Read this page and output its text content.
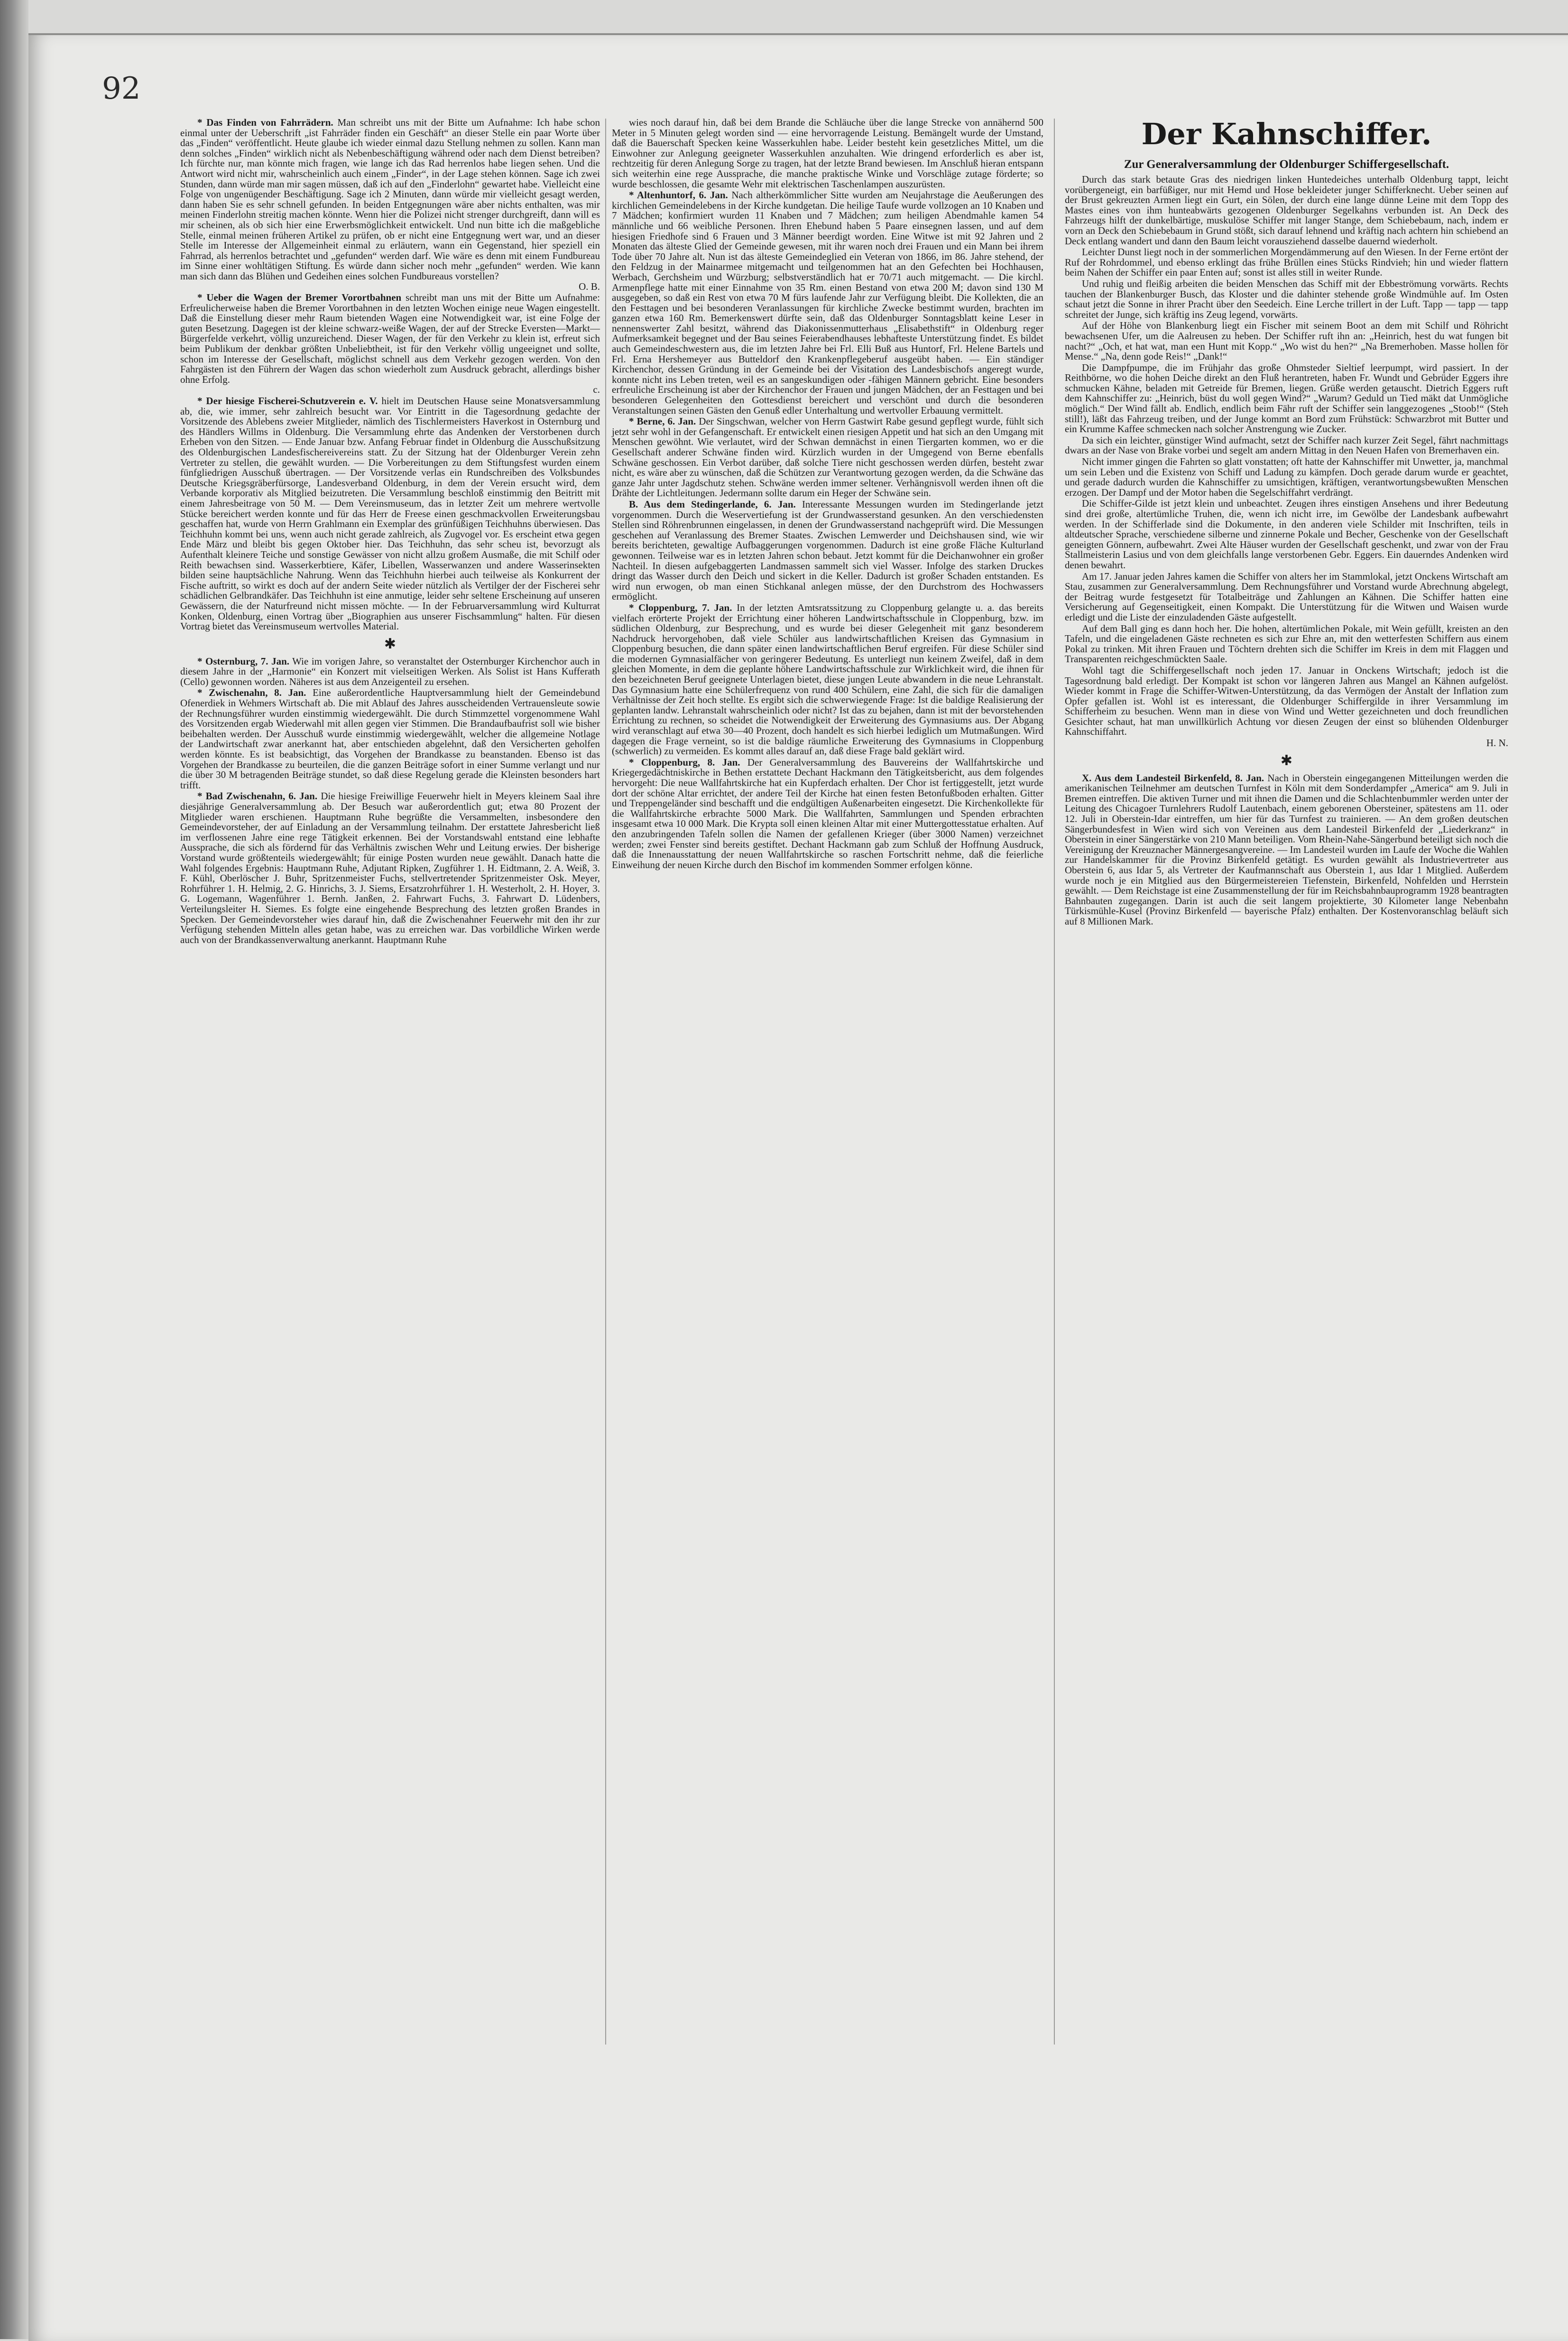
92

* Das Finden von Fahrrädern. Man schreibt uns mit der Bitte um Aufnahme: Ich habe schon einmal unter der Ueberschrift „ist Fahrräder finden ein Geschäft“ an dieser Stelle ein paar Worte über das „Finden“ veröffentlicht. Heute glaube ich wieder einmal dazu Stellung nehmen zu sollen. Kann man denn solches „Finden“ wirklich nicht als Nebenbeschäftigung während oder nach dem Dienst betreiben? Ich fürchte nur, man könnte mich fragen, wie lange ich das Rad herrenlos habe liegen sehen. Und die Antwort wird nicht mir, wahrscheinlich auch einem „Finder“, in der Lage stehen können. Sage ich zwei Stunden, dann würde man mir sagen müssen, daß ich auf den „Finderlohn“ gewartet habe. Vielleicht eine Folge von ungenügender Beschäftigung. Sage ich 2 Minuten, dann würde mir vielleicht gesagt werden, dann haben Sie es sehr schnell gefunden. In beiden Entgegnungen wäre aber nichts enthalten, was mir meinen Finderlohn streitig machen könnte. Wenn hier die Polizei nicht strenger durchgreift, dann will es mir scheinen, als ob sich hier eine Erwerbsmöglichkeit entwickelt. Und nun bitte ich die maßgebliche Stelle, einmal meinen früheren Artikel zu prüfen, ob er nicht eine Entgegnung wert war, und an dieser Stelle im Interesse der Allgemeinheit einmal zu erläutern, wann ein Gegenstand, hier speziell ein Fahrrad, als herrenlos betrachtet und „gefunden“ werden darf. Wie wäre es denn mit einem Fundbureau im Sinne einer wohltätigen Stiftung. Es würde dann sicher noch mehr „gefunden“ werden. Wie kann man sich dann das Blühen und Gedeihen eines solchen Fundbureaus vorstellen?
O. B.

* Ueber die Wagen der Bremer Vorortbahnen schreibt man uns mit der Bitte um Aufnahme: Erfreulicherweise haben die Bremer Vorortbahnen in den letzten Wochen einige neue Wagen eingestellt. Daß die Einstellung dieser mehr Raum bietenden Wagen eine Notwendigkeit war, ist eine Folge der guten Besetzung. Dagegen ist der kleine schwarz-weiße Wagen, der auf der Strecke Eversten—Markt—Bürgerfelde verkehrt, völlig unzureichend. Dieser Wagen, der für den Verkehr zu klein ist, erfreut sich beim Publikum der denkbar größten Unbeliebtheit, ist für den Verkehr völlig ungeeignet und sollte, schon im Interesse der Gesellschaft, möglichst schnell aus dem Verkehr gezogen werden. Von den Fahrgästen ist den Führern der Wagen das schon wiederholt zum Ausdruck gebracht, allerdings bisher ohne Erfolg.
c.

* Der hiesige Fischerei-Schutzverein e. V. hielt im Deutschen Hause seine Monatsversammlung ab, die, wie immer, sehr zahlreich besucht war. Vor Eintritt in die Tagesordnung gedachte der Vorsitzende des Ablebens zweier Mitglieder, nämlich des Tischlermeisters Haverkost in Osternburg und des Händlers Willms in Oldenburg. Die Versammlung ehrte das Andenken der Verstorbenen durch Erheben von den Sitzen. — Ende Januar bzw. Anfang Februar findet in Oldenburg die Ausschußsitzung des Oldenburgischen Landesfischereivereins statt. Zu der Sitzung hat der Oldenburger Verein zehn Vertreter zu stellen, die gewählt wurden. — Die Vorbereitungen zu dem Stiftungsfest wurden einem fünfgliedrigen Ausschuß übertragen. — Der Vorsitzende verlas ein Rundschreiben des Volksbundes Deutsche Kriegsgräberfürsorge, Landesverband Oldenburg, in dem der Verein ersucht wird, dem Verbande korporativ als Mitglied beizutreten. Die Versammlung beschloß einstimmig den Beitritt mit einem Jahresbeitrage von 50 M. — Dem Vereinsmuseum, das in letzter Zeit um mehrere wertvolle Stücke bereichert werden konnte und für das Herr de Freese einen geschmackvollen Erweiterungsbau geschaffen hat, wurde von Herrn Grahlmann ein Exemplar des grünfüßigen Teichhuhns überwiesen. Das Teichhuhn kommt bei uns, wenn auch nicht gerade zahlreich, als Zugvogel vor. Es erscheint etwa gegen Ende März und bleibt bis gegen Oktober hier. Das Teichhuhn, das sehr scheu ist, bevorzugt als Aufenthalt kleinere Teiche und sonstige Gewässer von nicht allzu großem Ausmaße, die mit Schilf oder Reith bewachsen sind. Wasserkerbtiere, Käfer, Libellen, Wasserwanzen und andere Wasserinsekten bilden seine hauptsächliche Nahrung. Wenn das Teichhuhn hierbei auch teilweise als Konkurrent der Fische auftritt, so wirkt es doch auf der andern Seite wieder nützlich als Vertilger der der Fischerei sehr schädlichen Gelbrandkäfer. Das Teichhuhn ist eine anmutige, leider sehr seltene Erscheinung auf unseren Gewässern, die der Naturfreund nicht missen möchte. — In der Februarversammlung wird Kulturrat Konken, Oldenburg, einen Vortrag über „Biographien aus unserer Fischsammlung“ halten. Für diesen Vortrag bietet das Vereinsmuseum wertvolles Material.

✱

* Osternburg, 7. Jan. Wie im vorigen Jahre, so veranstaltet der Osternburger Kirchenchor auch in diesem Jahre in der „Harmonie“ ein Konzert mit vielseitigen Werken. Als Solist ist Hans Kufferath (Cello) gewonnen worden. Näheres ist aus dem Anzeigenteil zu ersehen.

* Zwischenahn, 8. Jan. Eine außerordentliche Hauptversammlung hielt der Gemeindebund Ofenerdiek in Wehmers Wirtschaft ab. Die mit Ablauf des Jahres ausscheidenden Vertrauensleute sowie der Rechnungsführer wurden einstimmig wiedergewählt. Die durch Stimmzettel vorgenommene Wahl des Vorsitzenden ergab Wiederwahl mit allen gegen vier Stimmen. Die Brandaufbaufrist soll wie bisher beibehalten werden. Der Ausschuß wurde einstimmig wiedergewählt, welcher die allgemeine Notlage der Landwirtschaft zwar anerkannt hat, aber entschieden abgelehnt, daß den Versicherten geholfen werden könnte. Es ist beabsichtigt, das Vorgehen der Brandkasse zu beanstanden. Ebenso ist das Vorgehen der Brandkasse zu beurteilen, die die ganzen Beiträge sofort in einer Summe verlangt und nur die über 30 M betragenden Beiträge stundet, so daß diese Regelung gerade die Kleinsten besonders hart trifft.

* Bad Zwischenahn, 6. Jan. Die hiesige Freiwillige Feuerwehr hielt in Meyers kleinem Saal ihre diesjährige Generalversammlung ab. Der Besuch war außerordentlich gut; etwa 80 Prozent der Mitglieder waren erschienen. Hauptmann Ruhe begrüßte die Versammelten, insbesondere den Gemeindevorsteher, der auf Einladung an der Versammlung teilnahm. Der erstattete Jahresbericht ließ im verflossenen Jahre eine rege Tätigkeit erkennen. Bei der Vorstandswahl entstand eine lebhafte Aussprache, die sich als fördernd für das Verhältnis zwischen Wehr und Leitung erwies. Der bisherige Vorstand wurde größtenteils wiedergewählt; für einige Posten wurden neue gewählt. Danach hatte die Wahl folgendes Ergebnis: Hauptmann Ruhe, Adjutant Ripken, Zugführer 1. H. Eidtmann, 2. A. Weiß, 3. F. Kühl, Oberlöscher J. Buhr, Spritzenmeister Fuchs, stellvertretender Spritzenmeister Osk. Meyer, Rohrführer 1. H. Helmig, 2. G. Hinrichs, 3. J. Siems, Ersatzrohrführer 1. H. Westerholt, 2. H. Hoyer, 3. G. Logemann, Wagenführer 1. Bernh. Janßen, 2. Fahrwart Fuchs, 3. Fahrwart D. Lüdenbers, Verteilungsleiter H. Siemes. Es folgte eine eingehende Besprechung des letzten großen Brandes in Specken. Der Gemeindevorsteher wies darauf hin, daß die Zwischenahner Feuerwehr mit den ihr zur Verfügung stehenden Mitteln alles getan habe, was zu erreichen war. Das vorbildliche Wirken werde auch von der Brandkassenverwaltung anerkannt. Hauptmann Ruhe

wies noch darauf hin, daß bei dem Brande die Schläuche über die lange Strecke von annähernd 500 Meter in 5 Minuten gelegt worden sind — eine hervorragende Leistung. Bemängelt wurde der Umstand, daß die Bauerschaft Specken keine Wasserkuhlen habe. Leider besteht kein gesetzliches Mittel, um die Einwohner zur Anlegung geeigneter Wasserkuhlen anzuhalten. Wie dringend erforderlich es aber ist, rechtzeitig für deren Anlegung Sorge zu tragen, hat der letzte Brand bewiesen. Im Anschluß hieran entspann sich weiterhin eine rege Aussprache, die manche praktische Winke und Vorschläge zutage förderte; so wurde beschlossen, die gesamte Wehr mit elektrischen Taschenlampen auszurüsten.

* Altenhuntorf, 6. Jan. Nach altherkömmlicher Sitte wurden am Neujahrstage die Aeußerungen des kirchlichen Gemeindelebens in der Kirche kundgetan. Die heilige Taufe wurde vollzogen an 10 Knaben und 7 Mädchen; konfirmiert wurden 11 Knaben und 7 Mädchen; zum heiligen Abendmahle kamen 54 männliche und 66 weibliche Personen. Ihren Ehebund haben 5 Paare einsegnen lassen, und auf dem hiesigen Friedhofe sind 6 Frauen und 3 Männer beerdigt worden. Eine Witwe ist mit 92 Jahren und 2 Monaten das älteste Glied der Gemeinde gewesen, mit ihr waren noch drei Frauen und ein Mann bei ihrem Tode über 70 Jahre alt. Nun ist das älteste Gemeindeglied ein Veteran von 1866, im 86. Jahre stehend, der den Feldzug in der Mainarmee mitgemacht und teilgenommen hat an den Gefechten bei Hochhausen, Werbach, Gerchsheim und Würzburg; selbstverständlich hat er 70/71 auch mitgemacht. — Die kirchl. Armenpflege hatte mit einer Einnahme von 35 Rm. einen Bestand von etwa 200 M; davon sind 130 M ausgegeben, so daß ein Rest von etwa 70 M fürs laufende Jahr zur Verfügung bleibt. Die Kollekten, die an den Festtagen und bei besonderen Veranlassungen für kirchliche Zwecke bestimmt wurden, brachten im ganzen etwa 160 Rm. Bemerkenswert dürfte sein, daß das Oldenburger Sonntagsblatt keine Leser in nennenswerter Zahl besitzt, während das Diakonissenmutterhaus „Elisabethstift“ in Oldenburg reger Aufmerksamkeit begegnet und der Bau seines Feierabendhauses lebhafteste Unterstützung findet. Es bildet auch Gemeindeschwestern aus, die im letzten Jahre bei Frl. Elli Buß aus Huntorf, Frl. Helene Bartels und Frl. Erna Hershemeyer aus Butteldorf den Krankenpflegeberuf ausgeübt haben. — Ein ständiger Kirchenchor, dessen Gründung in der Gemeinde bei der Visitation des Landesbischofs angeregt wurde, konnte nicht ins Leben treten, weil es an sangeskundigen oder -fähigen Männern gebricht. Eine besonders erfreuliche Erscheinung ist aber der Kirchenchor der Frauen und jungen Mädchen, der an Festtagen und bei besonderen Gelegenheiten den Gottesdienst bereichert und verschönt und durch die besonderen Veranstaltungen seinen Gästen den Genuß edler Unterhaltung und wertvoller Erbauung vermittelt.

* Berne, 6. Jan. Der Singschwan, welcher von Herrn Gastwirt Rabe gesund gepflegt wurde, fühlt sich jetzt sehr wohl in der Gefangenschaft. Er entwickelt einen riesigen Appetit und hat sich an den Umgang mit Menschen gewöhnt. Wie verlautet, wird der Schwan demnächst in einen Tiergarten kommen, wo er die Gesellschaft anderer Schwäne finden wird. Kürzlich wurden in der Umgegend von Berne ebenfalls Schwäne geschossen. Ein Verbot darüber, daß solche Tiere nicht geschossen werden dürfen, besteht zwar nicht, es wäre aber zu wünschen, daß die Schützen zur Verantwortung gezogen werden, da die Schwäne das ganze Jahr unter Jagdschutz stehen. Schwäne werden immer seltener. Verhängnisvoll werden ihnen oft die Drähte der Lichtleitungen. Jedermann sollte darum ein Heger der Schwäne sein.

B. Aus dem Stedingerlande, 6. Jan. Interessante Messungen wurden im Stedingerlande jetzt vorgenommen. Durch die Weservertiefung ist der Grundwasserstand gesunken. An den verschiedensten Stellen sind Röhrenbrunnen eingelassen, in denen der Grundwasserstand nachgeprüft wird. Die Messungen geschehen auf Veranlassung des Bremer Staates. Zwischen Lemwerder und Deichshausen sind, wie wir bereits berichteten, gewaltige Aufbaggerungen vorgenommen. Dadurch ist eine große Fläche Kulturland gewonnen. Teilweise war es in letzten Jahren schon bebaut. Jetzt kommt für die Deichanwohner ein großer Nachteil. In diesen aufgebaggerten Landmassen sammelt sich viel Wasser. Infolge des starken Druckes dringt das Wasser durch den Deich und sickert in die Keller. Dadurch ist großer Schaden entstanden. Es wird nun erwogen, ob man einen Stichkanal anlegen müsse, der den Durchstrom des Hochwassers ermöglicht.

* Cloppenburg, 7. Jan. In der letzten Amtsratssitzung zu Cloppenburg gelangte u. a. das bereits vielfach erörterte Projekt der Errichtung einer höheren Landwirtschaftsschule in Cloppenburg, bzw. im südlichen Oldenburg, zur Besprechung, und es wurde bei dieser Gelegenheit mit ganz besonderem Nachdruck hervorgehoben, daß viele Schüler aus landwirtschaftlichen Kreisen das Gymnasium in Cloppenburg besuchen, die dann später einen landwirtschaftlichen Beruf ergreifen. Für diese Schüler sind die modernen Gymnasialfächer von geringerer Bedeutung. Es unterliegt nun keinem Zweifel, daß in dem gleichen Momente, in dem die geplante höhere Landwirtschaftsschule zur Wirklichkeit wird, die ihnen für den bezeichneten Beruf geeignete Unterlagen bietet, diese jungen Leute abwandern in die neue Lehranstalt. Das Gymnasium hatte eine Schülerfrequenz von rund 400 Schülern, eine Zahl, die sich für die damaligen Verhältnisse der Zeit hoch stellte. Es ergibt sich die schwerwiegende Frage: Ist die baldige Realisierung der geplanten landw. Lehranstalt wahrscheinlich oder nicht? Ist das zu bejahen, dann ist mit der bevorstehenden Errichtung zu rechnen, so scheidet die Notwendigkeit der Erweiterung des Gymnasiums aus. Der Abgang wird veranschlagt auf etwa 30—40 Prozent, doch handelt es sich hierbei lediglich um Mutmaßungen. Wird dagegen die Frage verneint, so ist die baldige räumliche Erweiterung des Gymnasiums in Cloppenburg (schwerlich) zu vermeiden. Es kommt alles darauf an, daß diese Frage bald geklärt wird.

* Cloppenburg, 8. Jan. Der Generalversammlung des Bauvereins der Wallfahrtskirche und Kriegergedächtniskirche in Bethen erstattete Dechant Hackmann den Tätigkeitsbericht, aus dem folgendes hervorgeht: Die neue Wallfahrtskirche hat ein Kupferdach erhalten. Der Chor ist fertiggestellt, jetzt wurde dort der schöne Altar errichtet, der andere Teil der Kirche hat einen festen Betonfußboden erhalten. Gitter und Treppengeländer sind beschafft und die endgültigen Außenarbeiten eingesetzt. Die Kirchenkollekte für die Wallfahrtskirche erbrachte 5000 Mark. Die Wallfahrten, Sammlungen und Spenden erbrachten insgesamt etwa 10 000 Mark. Die Krypta soll einen kleinen Altar mit einer Muttergottesstatue erhalten. Auf den anzubringenden Tafeln sollen die Namen der gefallenen Krieger (über 3000 Namen) verzeichnet werden; zwei Fenster sind bereits gestiftet. Dechant Hackmann gab zum Schluß der Hoffnung Ausdruck, daß die Innenausstattung der neuen Wallfahrtskirche so raschen Fortschritt nehme, daß die feierliche Einweihung der neuen Kirche durch den Bischof im kommenden Sommer erfolgen könne.

Der Kahnschiffer.
Zur Generalversammlung der Oldenburger Schiffergesellschaft.

Durch das stark betaute Gras des niedrigen linken Huntedeiches unterhalb Oldenburg tappt, leicht vorübergeneigt, ein barfüßiger, nur mit Hemd und Hose bekleideter junger Schifferknecht. Ueber seinen auf der Brust gekreuzten Armen liegt ein Gurt, ein Sölen, der durch eine lange dünne Leine mit dem Topp des Mastes eines von ihm hunteabwärts gezogenen Oldenburger Segelkahns verbunden ist. An Deck des Fahrzeugs hilft der dunkelbärtige, muskulöse Schiffer mit langer Stange, dem Schiebebaum, nach, indem er vorn an Deck den Schiebebaum in Grund stößt, sich darauf lehnend und kräftig nach achtern hin schiebend an Deck entlang wandert und dann den Baum leicht vorausziehend dasselbe dauernd wiederholt.

Leichter Dunst liegt noch in der sommerlichen Morgendämmerung auf den Wiesen. In der Ferne ertönt der Ruf der Rohrdommel, und ebenso erklingt das frühe Brüllen eines Stücks Rindvieh; hin und wieder flattern beim Nahen der Schiffer ein paar Enten auf; sonst ist alles still in weiter Runde.

Und ruhig und fleißig arbeiten die beiden Menschen das Schiff mit der Ebbeströmung vorwärts. Rechts tauchen der Blankenburger Busch, das Kloster und die dahinter stehende große Windmühle auf. Im Osten schaut jetzt die Sonne in ihrer Pracht über den Seedeich. Eine Lerche trillert in der Luft. Tapp — tapp — tapp schreitet der Junge, sich kräftig ins Zeug legend, vorwärts.

Auf der Höhe von Blankenburg liegt ein Fischer mit seinem Boot an dem mit Schilf und Röhricht bewachsenen Ufer, um die Aalreusen zu heben. Der Schiffer ruft ihn an: „Heinrich, hest du wat fungen bit nacht?“ „Och, et hat wat, man een Hunt mit Kopp.“ „Wo wist du hen?“ „Na Bremerhoben. Masse hollen för Mense.“ „Na, denn gode Reis!“ „Dank!“

Die Dampfpumpe, die im Frühjahr das große Ohmsteder Sieltief leerpumpt, wird passiert. In der Reithbörne, wo die hohen Deiche direkt an den Fluß herantreten, haben Fr. Wundt und Gebrüder Eggers ihre schmucken Kähne, beladen mit Getreide für Bremen, liegen. Grüße werden getauscht. Dietrich Eggers ruft dem Kahnschiffer zu: „Heinrich, büst du woll gegen Wind?“ „Warum? Geduld un Tied mäkt dat Unmögliche möglich.“ Der Wind fällt ab. Endlich, endlich beim Fähr ruft der Schiffer sein langgezogenes „Stoob!“ (Steh still!), läßt das Fahrzeug treiben, und der Junge kommt an Bord zum Frühstück: Schwarzbrot mit Butter und ein Krumme Kaffee schmecken nach solcher Anstrengung wie Zucker.

Da sich ein leichter, günstiger Wind aufmacht, setzt der Schiffer nach kurzer Zeit Segel, fährt nachmittags dwars an der Nase von Brake vorbei und segelt am andern Mittag in den Neuen Hafen von Bremerhaven ein.

Nicht immer gingen die Fahrten so glatt vonstatten; oft hatte der Kahnschiffer mit Unwetter, ja, manchmal um sein Leben und die Existenz von Schiff und Ladung zu kämpfen. Doch gerade darum wurde er geachtet, und gerade dadurch wurden die Kahnschiffer zu umsichtigen, kräftigen, verantwortungsbewußten Menschen erzogen. Der Dampf und der Motor haben die Segelschiffahrt verdrängt.

Die Schiffer-Gilde ist jetzt klein und unbeachtet. Zeugen ihres einstigen Ansehens und ihrer Bedeutung sind drei große, altertümliche Truhen, die, wenn ich nicht irre, im Gewölbe der Landesbank aufbewahrt werden. In der Schifferlade sind die Dokumente, in den anderen viele Schilder mit Inschriften, teils in altdeutscher Sprache, verschiedene silberne und zinnerne Pokale und Becher, Geschenke von der Gesellschaft geneigten Gönnern, aufbewahrt. Zwei Alte Häuser wurden der Gesellschaft geschenkt, und zwar von der Frau Stallmeisterin Lasius und von dem gleichfalls lange verstorbenen Gebr. Eggers. Ein dauerndes Andenken wird denen bewahrt.

Am 17. Januar jeden Jahres kamen die Schiffer von alters her im Stammlokal, jetzt Onckens Wirtschaft am Stau, zusammen zur Generalversammlung. Dem Rechnungsführer und Vorstand wurde Abrechnung abgelegt, der Beitrag wurde festgesetzt für Totalbeiträge und Zahlungen an Kähnen. Die Schiffer hatten eine Versicherung auf Gegenseitigkeit, einen Kompakt. Die Unterstützung für die Witwen und Waisen wurde erledigt und die Liste der einzuladenden Gäste aufgestellt.

Auf dem Ball ging es dann hoch her. Die hohen, altertümlichen Pokale, mit Wein gefüllt, kreisten an den Tafeln, und die eingeladenen Gäste rechneten es sich zur Ehre an, mit den wetterfesten Schiffern aus einem Pokal zu trinken. Mit ihren Frauen und Töchtern drehten sich die Schiffer im Kreis in dem mit Flaggen und Transparenten reichgeschmückten Saale.

Wohl tagt die Schiffergesellschaft noch jeden 17. Januar in Onckens Wirtschaft; jedoch ist die Tagesordnung bald erledigt. Der Kompakt ist schon vor längeren Jahren aus Mangel an Kähnen aufgelöst. Wieder kommt in Frage die Schiffer-Witwen-Unterstützung, da das Vermögen der Anstalt der Inflation zum Opfer gefallen ist. Wohl ist es interessant, die Oldenburger Schiffergilde in ihrer Versammlung im Schifferheim zu besuchen. Wenn man in diese von Wind und Wetter gezeichneten und doch freundlichen Gesichter schaut, hat man unwillkürlich Achtung vor diesen Zeugen der einst so blühenden Oldenburger Kahnschiffahrt.

H. N.
✱

X. Aus dem Landesteil Birkenfeld, 8. Jan. Nach in Oberstein eingegangenen Mitteilungen werden die amerikanischen Teilnehmer am deutschen Turnfest in Köln mit dem Sonderdampfer „America“ am 9. Juli in Bremen eintreffen. Die aktiven Turner und mit ihnen die Damen und die Schlachtenbummler werden unter der Leitung des Chicagoer Turnlehrers Rudolf Lautenbach, einem geborenen Obersteiner, spätestens am 11. oder 12. Juli in Oberstein-Idar eintreffen, um hier für das Turnfest zu trainieren. — An dem großen deutschen Sängerbundesfest in Wien wird sich von Vereinen aus dem Landesteil Birkenfeld der „Liederkranz“ in Oberstein in einer Sängerstärke von 210 Mann beteiligen. Vom Rhein-Nahe-Sängerbund beteiligt sich noch die Vereinigung der Kreuznacher Männergesangvereine. — Im Landesteil wurden im Laufe der Woche die Wahlen zur Handelskammer für die Provinz Birkenfeld getätigt. Es wurden gewählt als Industrievertreter aus Oberstein 6, aus Idar 5, als Vertreter der Kaufmannschaft aus Oberstein 1, aus Idar 1 Mitglied. Außerdem wurde noch je ein Mitglied aus den Bürgermeistereien Tiefenstein, Birkenfeld, Nohfelden und Herrstein gewählt. — Dem Reichstage ist eine Zusammenstellung der für im Reichsbahnbauprogramm 1928 beantragten Bahnbauten zugegangen. Darin ist auch die seit langem projektierte, 30 Kilometer lange Nebenbahn Türkismühle-Kusel (Provinz Birkenfeld — bayerische Pfalz) enthalten. Der Kostenvoranschlag beläuft sich auf 8 Millionen Mark.
